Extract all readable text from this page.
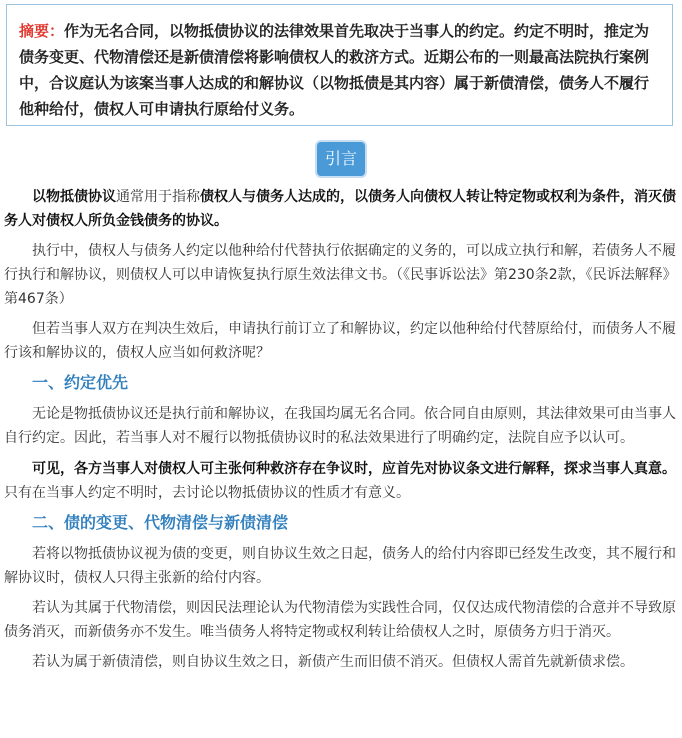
摘要：作为无名合同，以物抵债协议的法律效果首先取决于当事人的约定。约定不明时，推定为债务变更、代物清偿还是新债清偿将影响债权人的救济方式。近期公布的一则最高法院执行案例中，合议庭认为该案当事人达成的和解协议（以物抵债是其内容）属于新债清偿，债务人不履行他种给付，债权人可申请执行原给付义务。
引言

以物抵债协议通常用于指称债权人与债务人达成的，以债务人向债权人转让特定物或权利为条件，消灭债务人对债权人所负金钱债务的协议。

执行中，债权人与债务人约定以他种给付代替执行依据确定的义务的，可以成立执行和解，若债务人不履行执行和解协议，则债权人可以申请恢复执行原生效法律文书。（《民事诉讼法》第230条2款，《民诉法解释》第467条）

但若当事人双方在判决生效后，申请执行前订立了和解协议，约定以他种给付代替原给付，而债务人不履行该和解协议的，债权人应当如何救济呢？

一、约定优先

无论是物抵债协议还是执行前和解协议，在我国均属无名合同。依合同自由原则，其法律效果可由当事人自行约定。因此，若当事人对不履行以物抵债协议时的私法效果进行了明确约定，法院自应予以认可。

可见，各方当事人对债权人可主张何种救济存在争议时，应首先对协议条文进行解释，探求当事人真意。只有在当事人约定不明时，去讨论以物抵债协议的性质才有意义。

二、债的变更、代物清偿与新债清偿

若将以物抵债协议视为债的变更，则自协议生效之日起，债务人的给付内容即已经发生改变，其不履行和解协议时，债权人只得主张新的给付内容。

若认为其属于代物清偿，则因民法理论认为代物清偿为实践性合同，仅仅达成代物清偿的合意并不导致原债务消灭，而新债务亦不发生。唯当债务人将特定物或权利转让给债权人之时，原债务方归于消灭。

若认为属于新债清偿，则自协议生效之日，新债产生而旧债不消灭。但债权人需首先就新债求偿。
